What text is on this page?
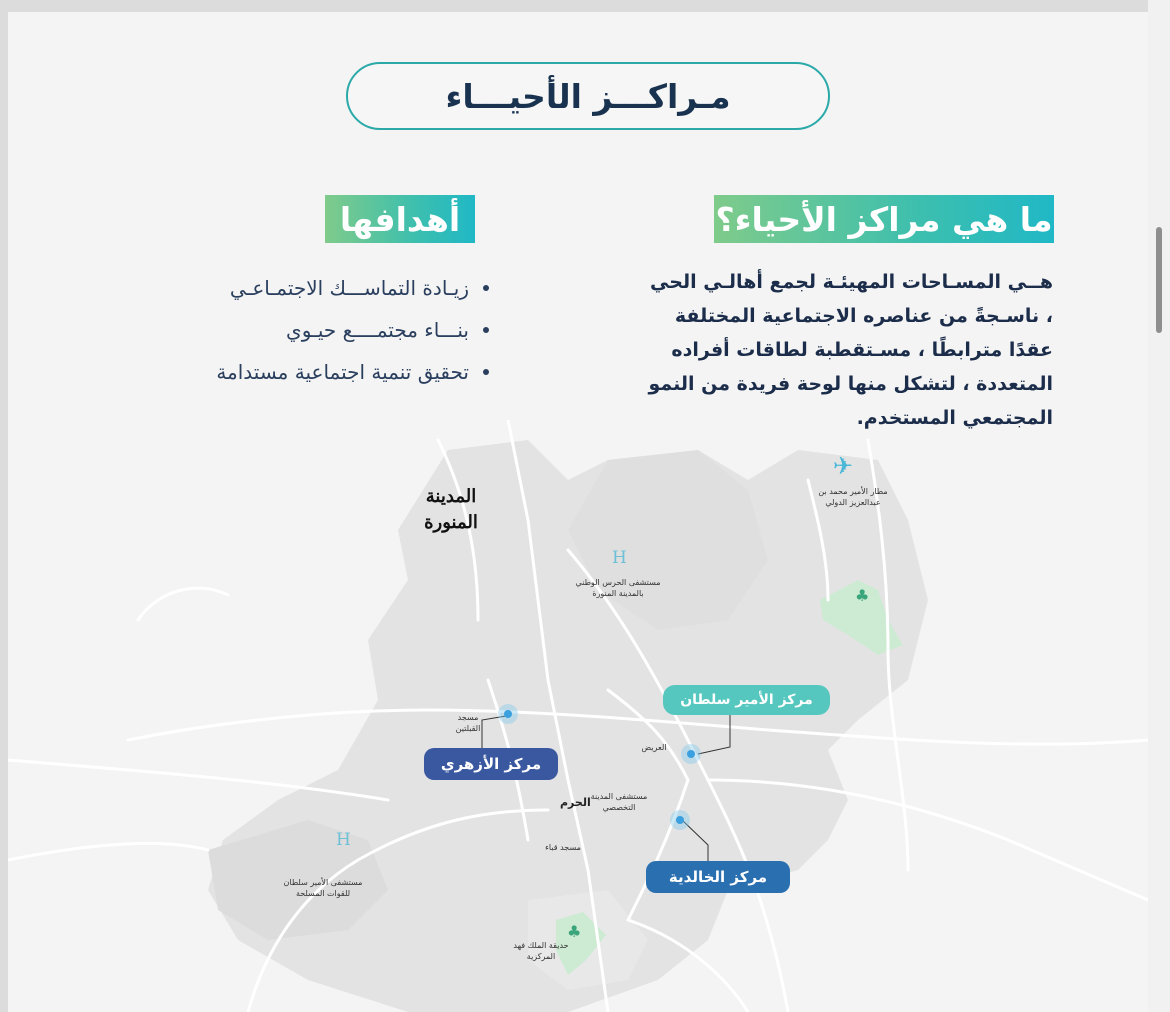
مـراكـــز الأحيـــاء
ما هي مراكز الأحياء؟
أهدافها
هــي المسـاحات المهيئـة لجمع أهالـي الحي ، ناسـجةً من عناصره الاجتماعية المختلفة عقدًا مترابطًا ، مسـتقطبة لطاقات أفراده المتعددة ، لتشكل منها لوحة فريدة من النمو المجتمعي المستخدم.
زيـادة التماســـك الاجتمـاعـي
بنـــاء مجتمــــع حيـوي
تحقيق تنمية اجتماعية مستدامة
المدينة المنورة
الحرم
✈
مطار الأمير محمد بن عبدالعزيز الدولي
H
مستشفى الحرس الوطني بالمدينة المنورة
H
مستشفى الأمير سلطان للقوات المسلحة
مستشفى المدينة التخصصي
مسجد القبلتين
مسجد قباء
العريض
حديقة الملك فهد المركزية
♣
♣
مركز الأزهري
مركز الأمير سلطان
مركز الخالدية
